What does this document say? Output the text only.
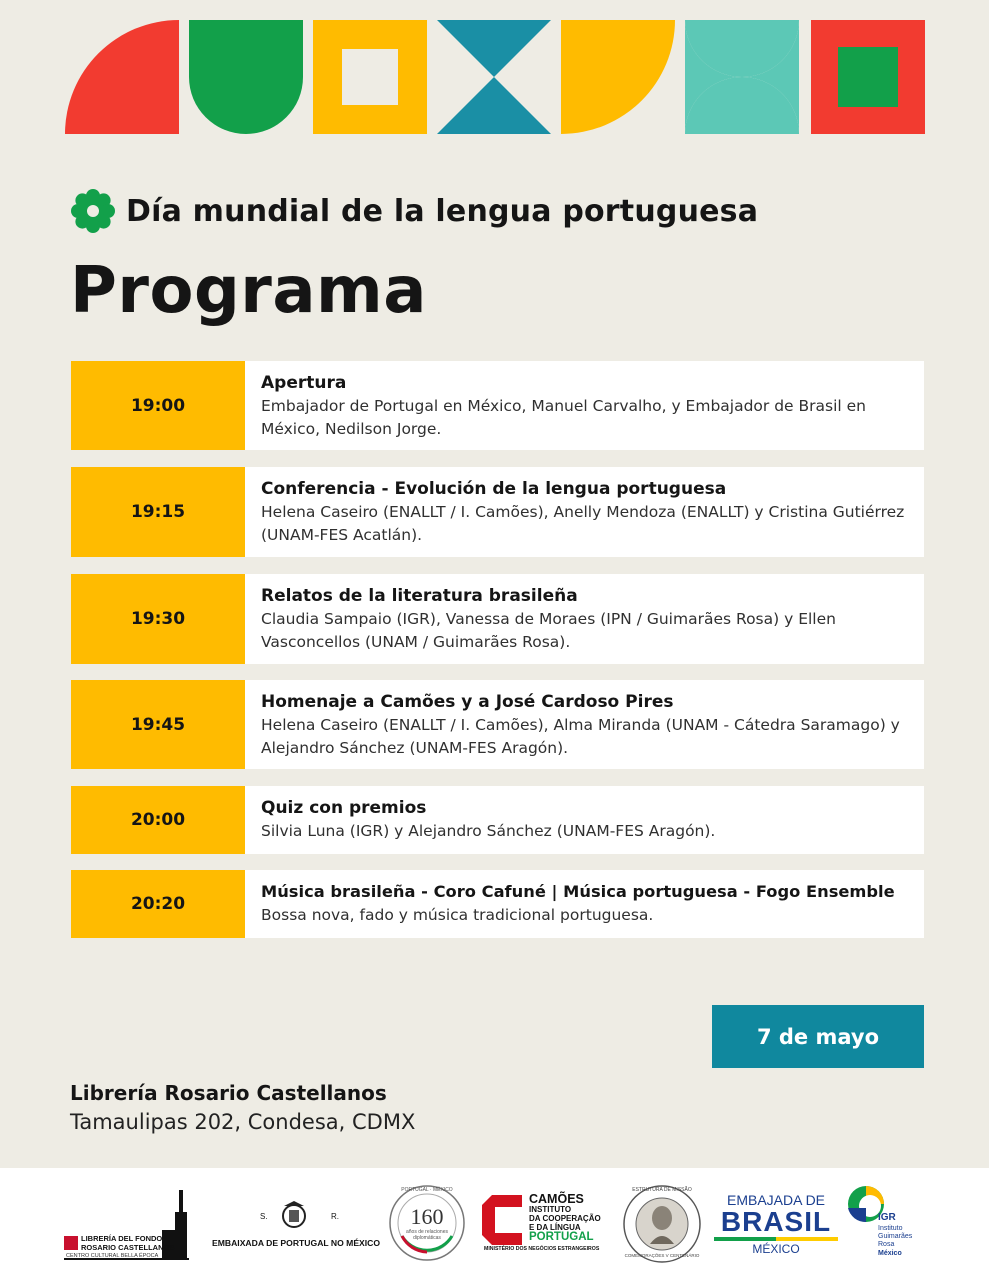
Día mundial de la lengua portuguesa
Programa
19:00
Apertura
Embajador de Portugal en México, Manuel Carvalho, y Embajador de Brasil en México, Nedilson Jorge.
19:15
Conferencia - Evolución de la lengua portuguesa
Helena Caseiro (ENALLT / I. Camões), Anelly Mendoza (ENALLT) y Cristina Gutiérrez (UNAM-FES Acatlán).
19:30
Relatos de la literatura brasileña
Claudia Sampaio (IGR), Vanessa de Moraes (IPN / Guimarães Rosa) y Ellen Vasconcellos (UNAM / Guimarães Rosa).
19:45
Homenaje a Camões y a José Cardoso Pires
Helena Caseiro (ENALLT / I. Camões), Alma Miranda (UNAM - Cátedra Saramago) y Alejandro Sánchez (UNAM-FES Aragón).
20:00
Quiz con premios
Silvia Luna (IGR) y Alejandro Sánchez (UNAM-FES Aragón).
20:20
Música brasileña - Coro Cafuné | Música portuguesa - Fogo Ensemble
Bossa nova, fado y música tradicional portuguesa.
7 de mayo
Librería Rosario Castellanos
Tamaulipas 202, Condesa, CDMX
LIBRERÍA DEL FONDO
ROSARIO CASTELLANOS
CENTRO CULTURAL BELLA ÉPOCA
S.	R.
EMBAIXADA DE PORTUGAL NO MÉXICO
PORTUGAL · MÉXICO
160
años de relaciones
diplomáticas
CAMÕES
INSTITUTO
DA COOPERAÇÃO
E DA LÍNGUA
PORTUGAL
MINISTÉRIO DOS NEGÓCIOS ESTRANGEIROS
ESTRUTURA DE MISSÃO
COMEMORAÇÕES V CENTENÁRIO
EMBAJADA DE
BRASIL
MÉXICO
IGR
Instituto
Guimarães
Rosa
México
